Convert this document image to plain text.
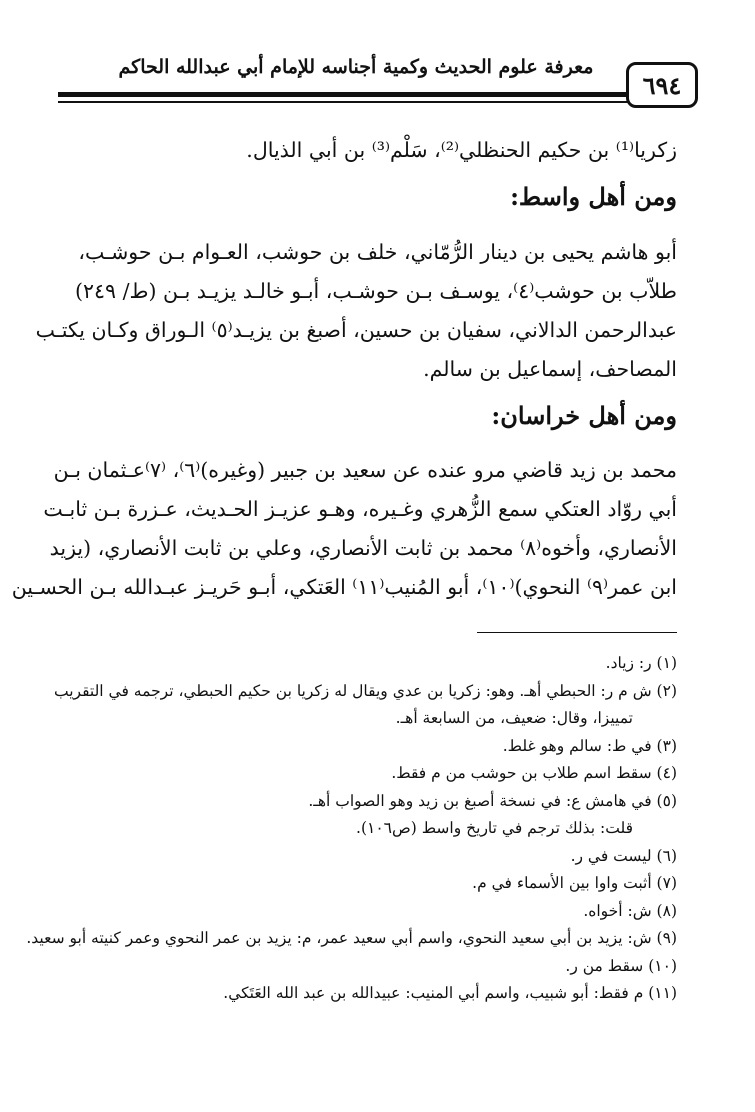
معرفة علوم الحديث وكمية أجناسه للإمام أبي عبدالله الحاكم
٦٩٤
زكريا⁽¹⁾ بن حكيم الحنظلي⁽²⁾، سَلْم⁽³⁾ بن أبي الذيال.
ومن أهل واسط:
أبو هاشم يحيى بن دينار الرُّمّاني، خلف بن حوشب، العـوام بـن حوشـب،
طلاّب بن حوشب⁽٤⁾، يوسـف بـن حوشـب، أبـو خالـد يزيـد بـن (ط/ ٢٤٩)
عبدالرحمن الدالاني، سفيان بن حسين، أصبغ بن يزيـد⁽٥⁾ الـوراق وكـان يكتـب
المصاحف، إسماعيل بن سالم.
ومن أهل خراسان:
محمد بن زيد قاضي مرو عنده عن سعيد بن جبير (وغيره)⁽٦⁾، ⁽٧⁾عـثمان بـن
أبي روّاد العتكي سمع الزُّهري وغـيره، وهـو عزيـز الحـديث، عـزرة بـن ثابـت
الأنصاري، وأخوه⁽٨⁾ محمد بن ثابت الأنصاري، وعلي بن ثابت الأنصاري، (يزيد
ابن عمر⁽٩⁾ النحوي)⁽١٠⁾، أبو المُنيب⁽١١⁾ العَتكي، أبـو حَريـز عبـدالله بـن الحسـين
(١) ر: زياد.
(٢) ش م ر: الحبطي أهـ. وهو: زكريا بن عدي ويقال له زكريا بن حكيم الحبطي، ترجمه في التقريب
تمييزا، وقال: ضعيف، من السابعة أهـ.
(٣) في ط: سالم وهو غلط.
(٤) سقط اسم طلاب بن حوشب من م فقط.
(٥) في هامش ع: في نسخة أصبغ بن زيد وهو الصواب أهـ.
قلت: بذلك ترجم في تاريخ واسط (ص١٠٦).
(٦) ليست في ر.
(٧) أثبت واوا بين الأسماء في م.
(٨) ش: أخواه.
(٩) ش: يزيد بن أبي سعيد النحوي، واسم أبي سعيد عمر، م: يزيد بن عمر النحوي وعمر كنيته أبو سعيد.
(١٠) سقط من ر.
(١١) م فقط: أبو شبيب، واسم أبي المنيب: عبيدالله بن عبد الله العَتَكي.
